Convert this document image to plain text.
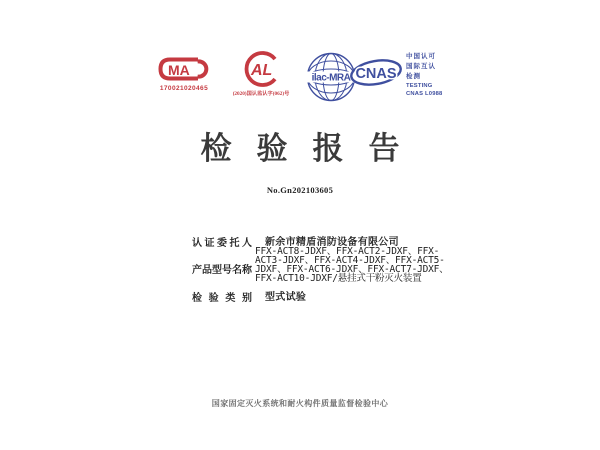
MA
170021020465
AL
(2020)国认监认字(062)号
ilac-MRA CNAS
中国认可
国际互认
检测
TESTING
CNAS L0988
检验报告
No.Gn202103605
认证委托人 新余市精盾消防设备有限公司
产品型号名称
FFX-ACT8-JDXF、FFX-ACT2-JDXF、FFX-
ACT3-JDXF、FFX-ACT4-JDXF、FFX-ACT5-
JDXF、FFX-ACT6-JDXF、FFX-ACT7-JDXF、
FFX-ACT10-JDXF/悬挂式干粉灭火装置
检验类别 型式试验
国家固定灭火系统和耐火构件质量监督检验中心
